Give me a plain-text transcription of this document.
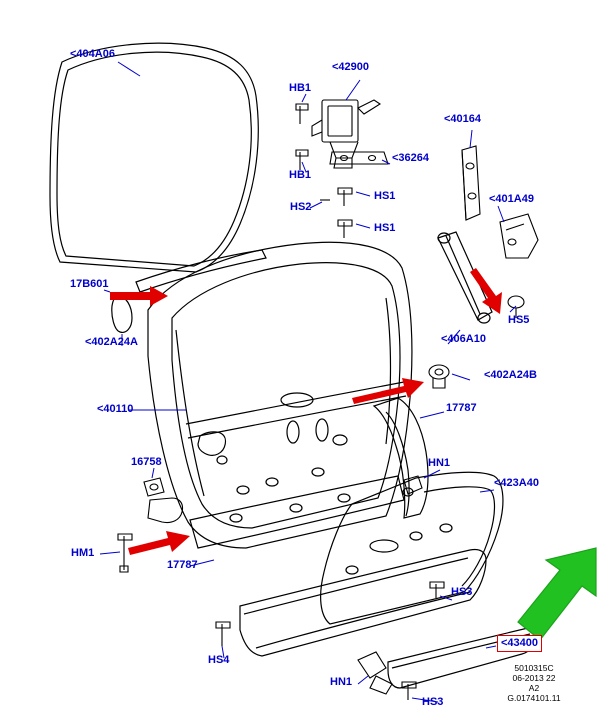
<404A06
HB1
<42900
<40164
HB1
<36264
HS1
HS2
<401A49
HS1
17B601
HS5
<406A10
<402A24A
<402A24B
<40110	17787
16758	HN1
<423A40
HM1
17787
HS3
<43400
HS4
HN1
HS3
5010315C
06-2013 22
A2
G.0174101.11
